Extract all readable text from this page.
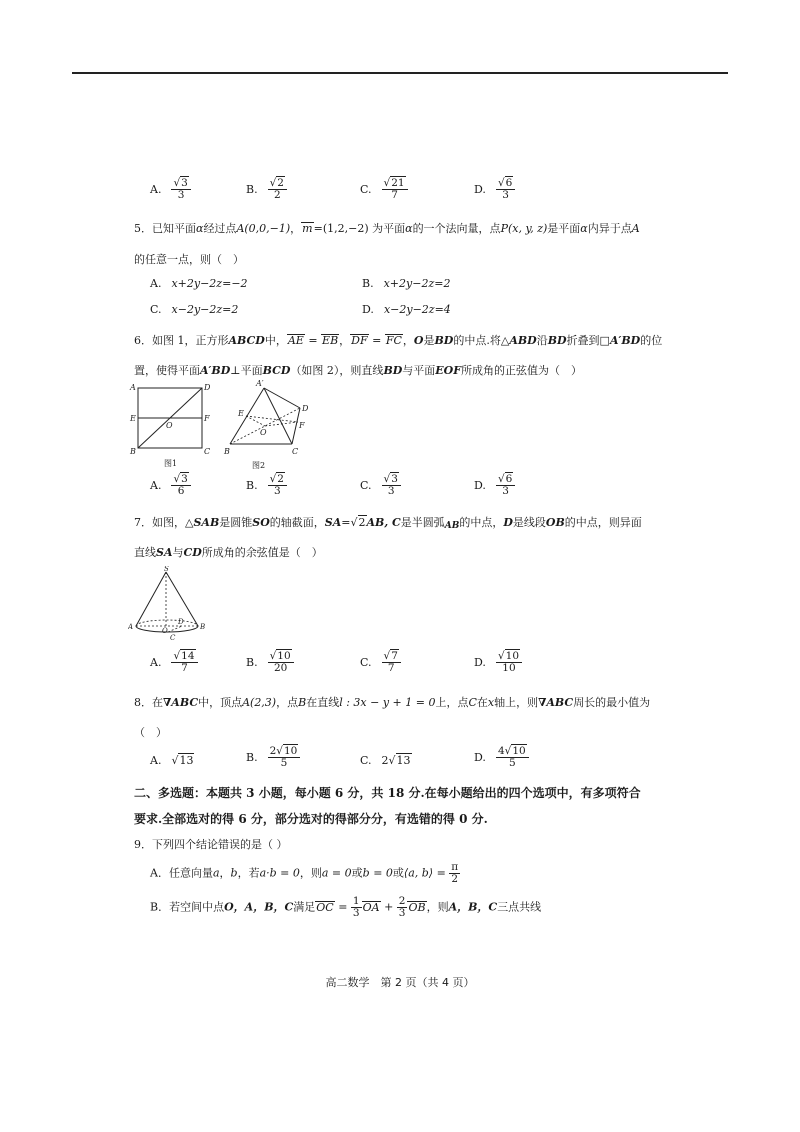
A. √ $\frac{3}{3}$	B. √ $\frac{2}{2}$	C. √ $\frac{21}{7}$	D. √ $\frac{6}{3}$
5．已知平面α经过点A(0,0,−1)，m=(1,2,−2) 为平面α的一个法向量，点P(x, y, z)是平面α内异于点A
的任意一点，则（　）
A. x+2y−2z=−2	B. x+2y−2z=2
C. x−2y−2z=2	D. x−2y−2z=4
6．如图 1，正方形ABCD中，AE = EB，DF = FC，O是BD的中点.将△ABD沿BD折叠到□A′BD的位
置，使得平面A′BD⊥平面BCD（如图 2），则直线BD与平面EOF所成角的正弦值为（　）
A	D
E	F
O
B	C
图1
A′
D
E
F
O
B	C
图2
A. √ $\frac{3}{6}$	B. √ $\frac{2}{3}$	C. √ $\frac{3}{3}$	D. √ $\frac{6}{3}$
7．如图，△SAB是圆锥SO的轴截面，SA= √ 2AB, C是半圆弧AB的中点，D是线段OB的中点，则异面
直线SA与CD所成角的余弦值是（　）
S
A	O
D
B
C
A. √ $\frac{14}{7}$	B. √ $\frac{10}{20}$	C. √ $\frac{7}{7}$	D. √ $\frac{10}{10}$
8．在∇ABC中，顶点A(2,3)，点B在直线l : 3x − y + 1 = 0上，点C在x轴上，则∇ABC周长的最小值为
（　）
A. √ 13	B. $\frac{2 √ 10}{5}$	C. 2 √ 13	D. $\frac{4 √ 10}{5}$
二、多选题：本题共 3 小题，每小题 6 分，共 18 分.在每小题给出的四个选项中，有多项符合
要求.全部选对的得 6 分，部分选对的得部分分，有选错的得 0 分.
9．下列四个结论错误的是（ ）
A．任意向量a，b，若a·b = 0，则a = 0或b = 0或⟨a, b⟩ = $\frac{\pi}{2}$
B．若空间中点O，A，B，C满足OC = $\frac{1}{3}$ OA + $\frac{2}{3}$ OB，则A，B，C三点共线
高二数学　第 2 页（共 4 页）
